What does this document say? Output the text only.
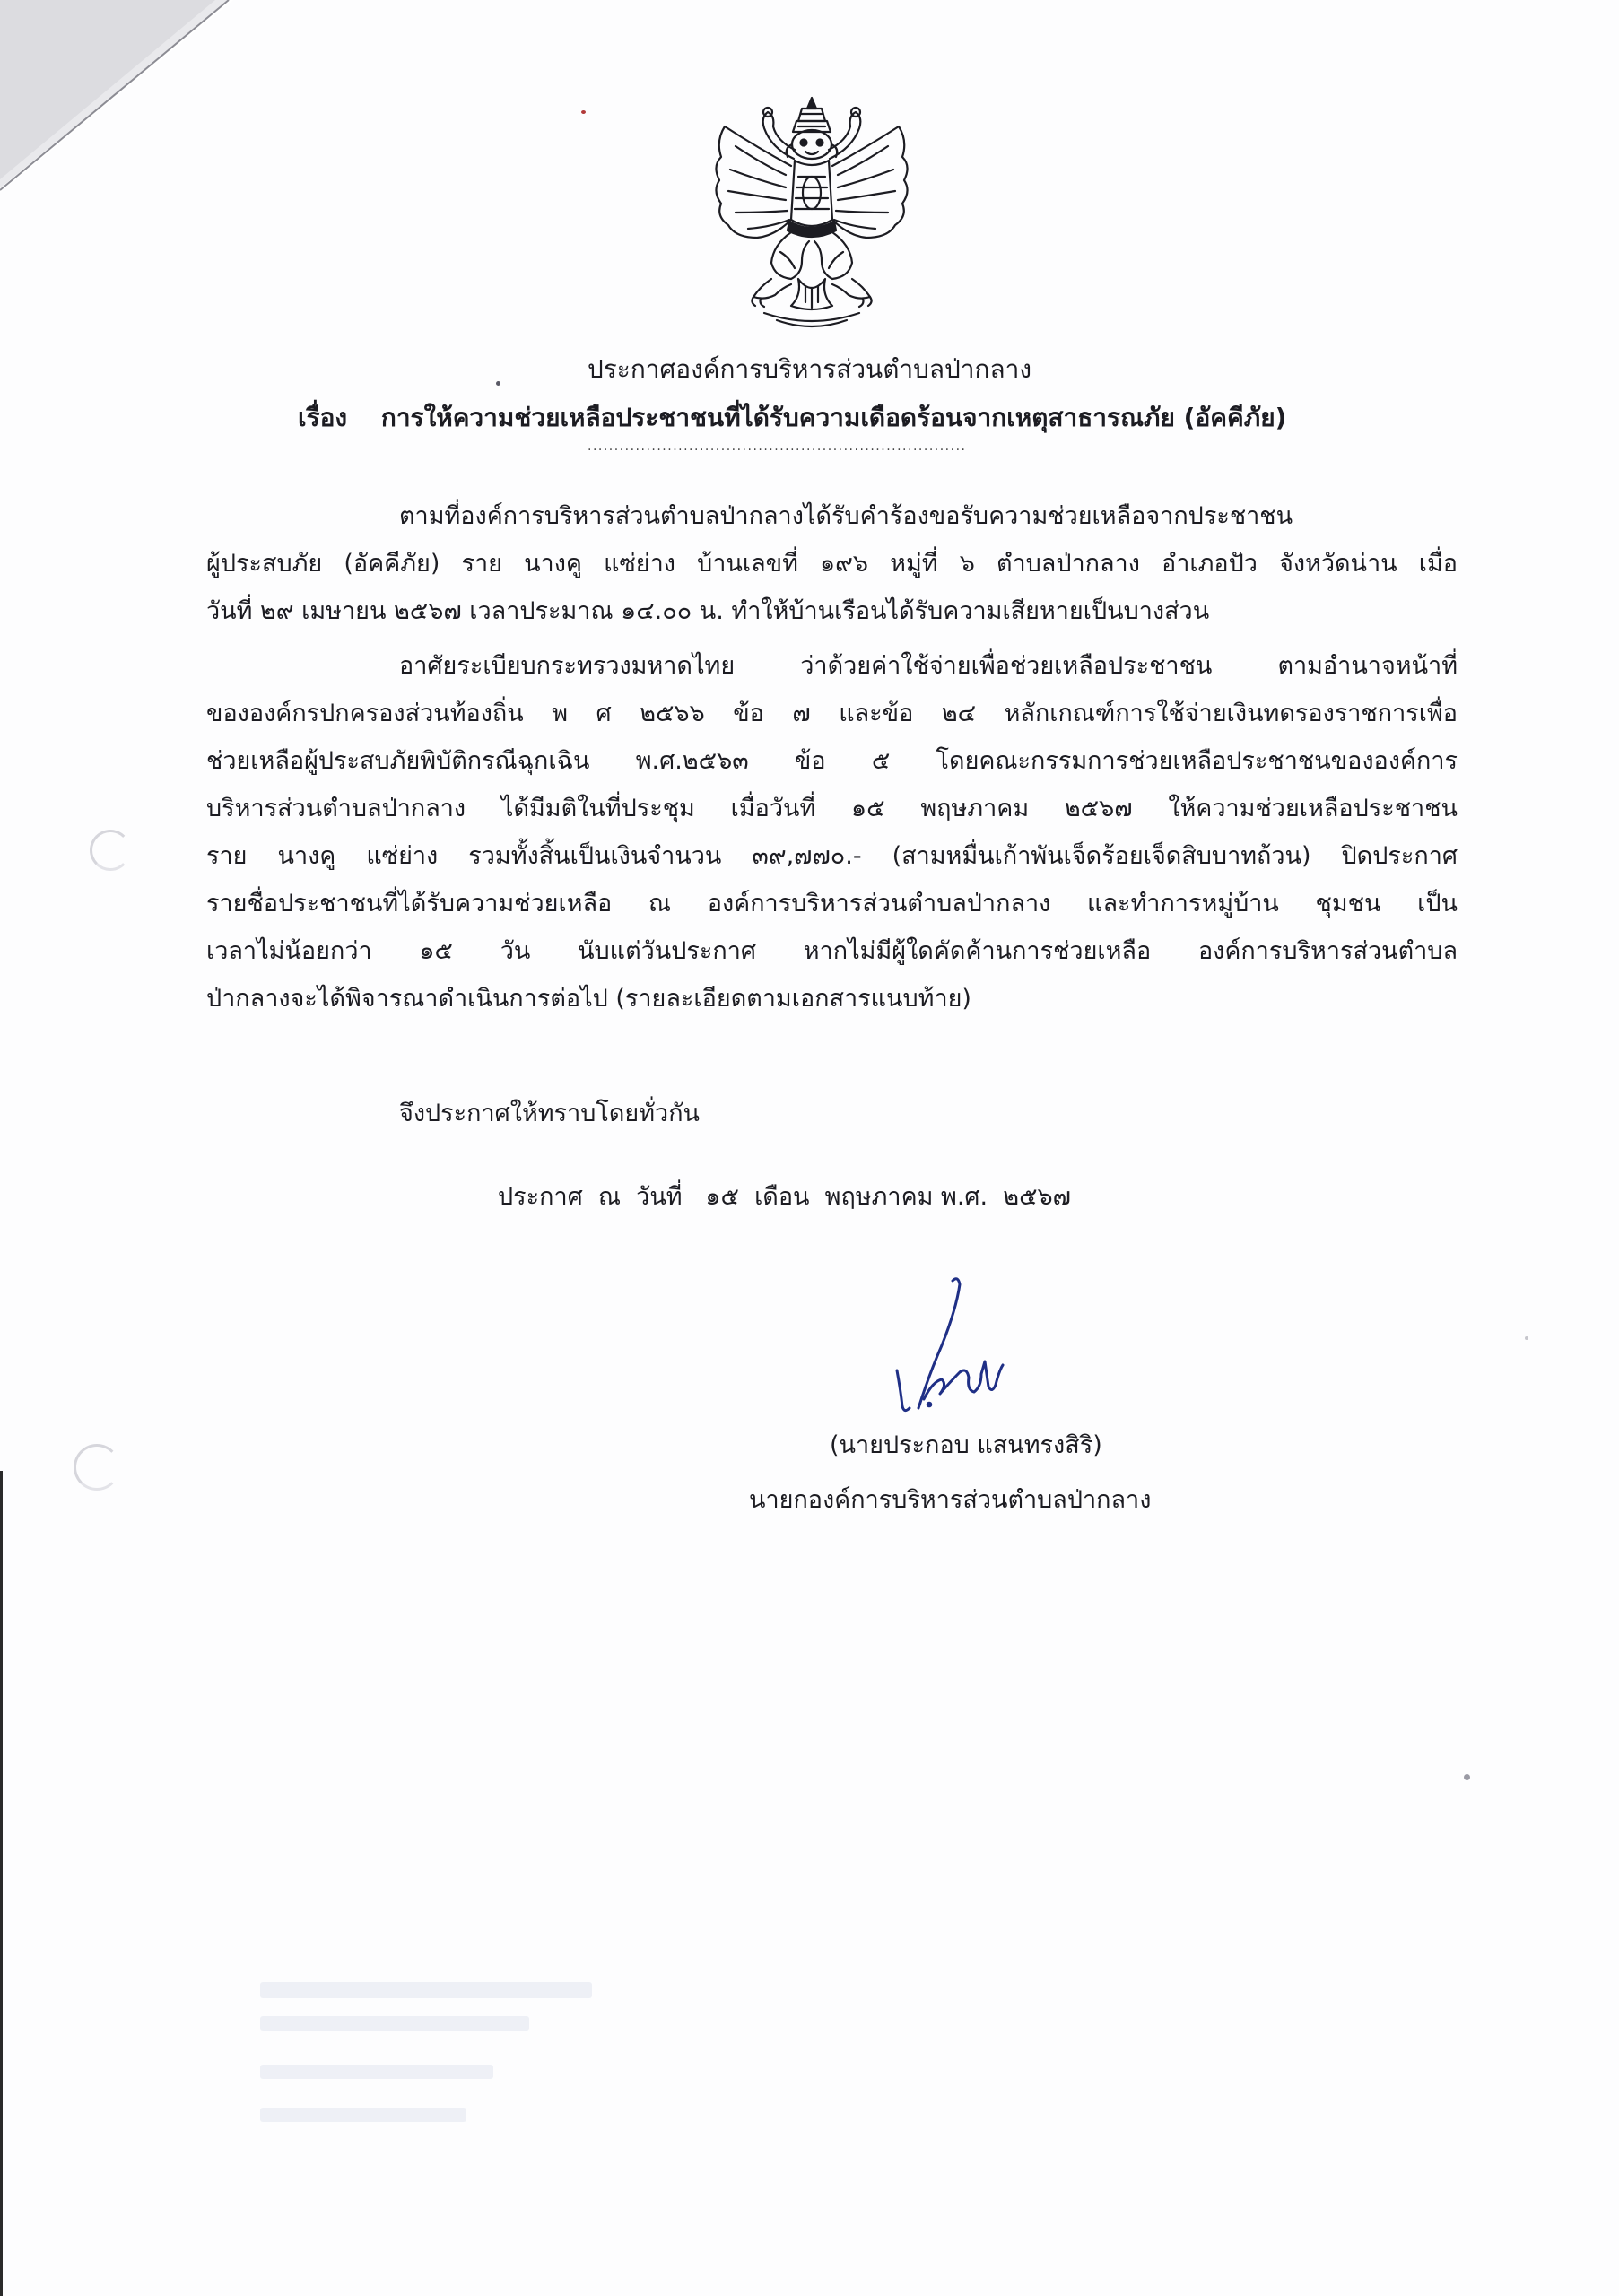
ประกาศองค์การบริหารส่วนตำบลป่ากลาง
เรื่อง การให้ความช่วยเหลือประชาชนที่ได้รับความเดือดร้อนจากเหตุสาธารณภัย (อัคคีภัย)
.......................................................................
ตามที่องค์การบริหารส่วนตำบลป่ากลางได้รับคำร้องขอรับความช่วยเหลือจากประชาชน
ผู้ประสบภัย (อัคคีภัย) ราย นางคู แซ่ย่าง บ้านเลขที่ ๑๙๖ หมู่ที่ ๖ ตำบลป่ากลาง อำเภอปัว จังหวัดน่าน เมื่อ
วันที่ ๒๙ เมษายน ๒๕๖๗ เวลาประมาณ ๑๔.๐๐ น. ทำให้บ้านเรือนได้รับความเสียหายเป็นบางส่วน
อาศัยระเบียบกระทรวงมหาดไทย ว่าด้วยค่าใช้จ่ายเพื่อช่วยเหลือประชาชน ตามอำนาจหน้าที่
ขององค์กรปกครองส่วนท้องถิ่น พ ศ ๒๕๖๖ ข้อ ๗ และข้อ ๒๔ หลักเกณฑ์การใช้จ่ายเงินทดรองราชการเพื่อ
ช่วยเหลือผู้ประสบภัยพิบัติกรณีฉุกเฉิน พ.ศ.๒๕๖๓ ข้อ ๕ โดยคณะกรรมการช่วยเหลือประชาชนขององค์การ
บริหารส่วนตำบลป่ากลาง ได้มีมติในที่ประชุม เมื่อวันที่ ๑๕ พฤษภาคม ๒๕๖๗ ให้ความช่วยเหลือประชาชน
ราย นางคู แซ่ย่าง รวมทั้งสิ้นเป็นเงินจำนวน ๓๙,๗๗๐.- (สามหมื่นเก้าพันเจ็ดร้อยเจ็ดสิบบาทถ้วน) ปิดประกาศ
รายชื่อประชาชนที่ได้รับความช่วยเหลือ ณ องค์การบริหารส่วนตำบลป่ากลาง และทำการหมู่บ้าน ชุมชน เป็น
เวลาไม่น้อยกว่า ๑๕ วัน นับแต่วันประกาศ หากไม่มีผู้ใดคัดค้านการช่วยเหลือ องค์การบริหารส่วนตำบล
ป่ากลางจะได้พิจารณาดำเนินการต่อไป (รายละเอียดตามเอกสารแนบท้าย)
จึงประกาศให้ทราบโดยทั่วกัน
ประกาศ  ณ  วันที่   ๑๕  เดือน  พฤษภาคม พ.ศ.  ๒๕๖๗
(นายประกอบ แสนทรงสิริ)
นายกองค์การบริหารส่วนตำบลป่ากลาง
